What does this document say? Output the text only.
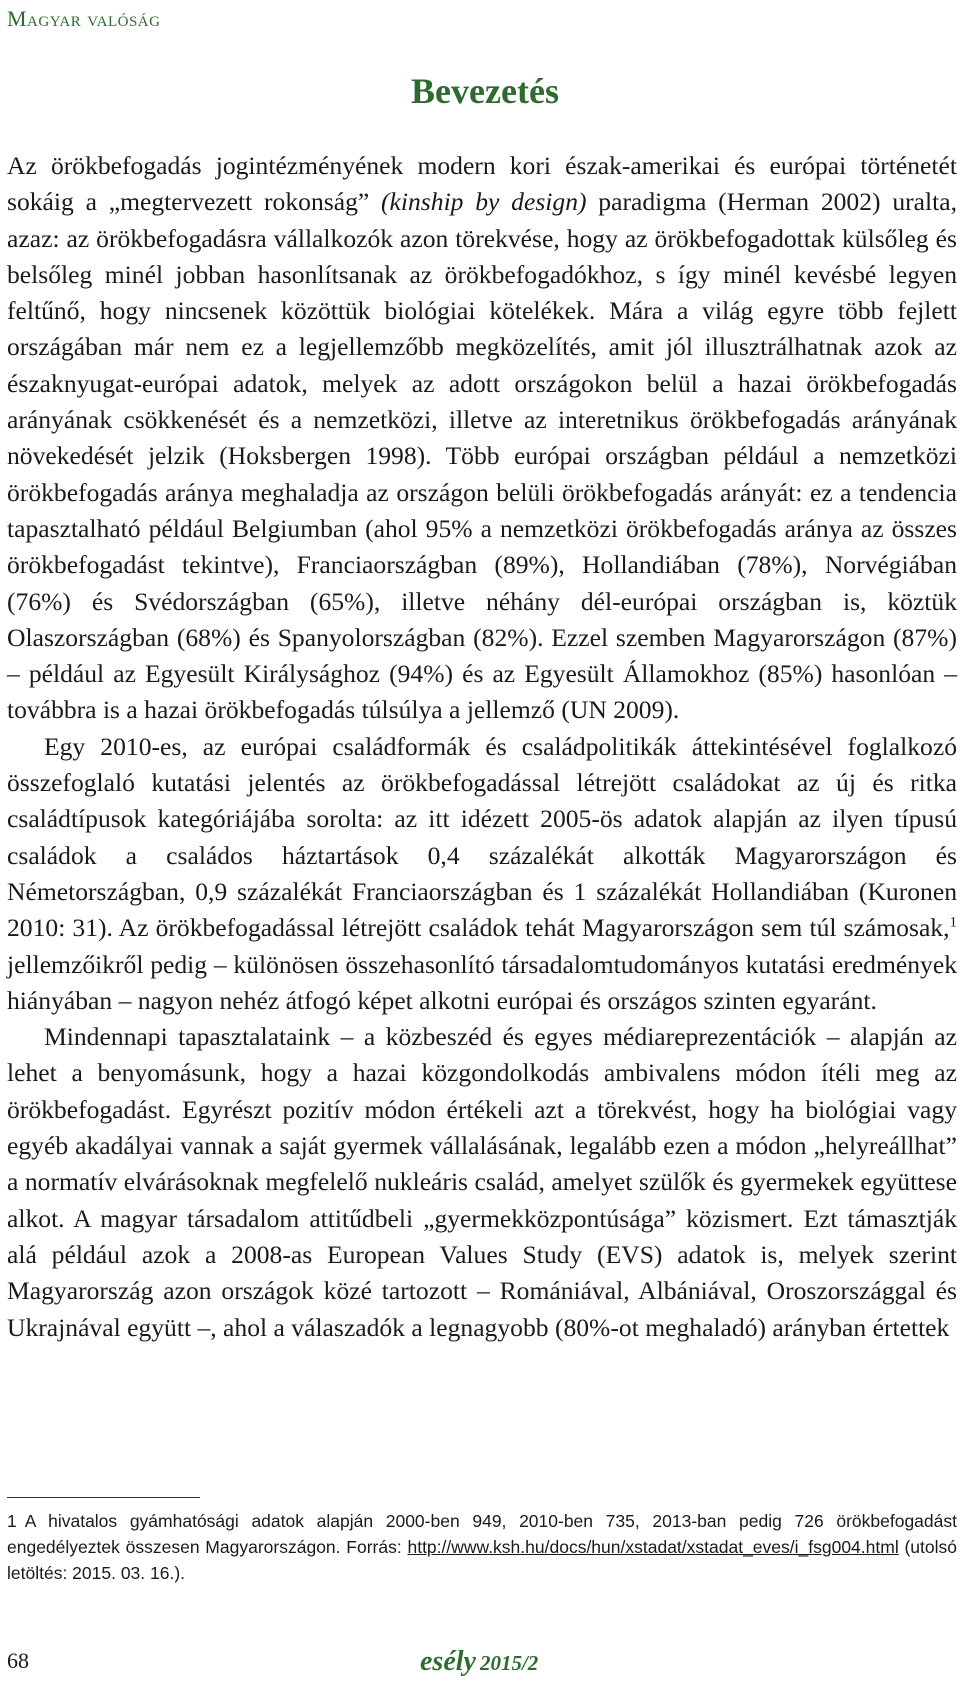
Magyar valóság
Bevezetés

Az örökbefogadás jogintézményének modern kori észak-amerikai és európai történetét sokáig a „megtervezett rokonság” (kinship by design) paradigma (Herman 2002) uralta, azaz: az örökbefogadásra vállalkozók azon törekvése, hogy az örökbefogadottak külsőleg és belsőleg minél jobban hasonlítsanak az örökbefogadókhoz, s így minél kevésbé legyen feltűnő, hogy nincsenek közöttük biológiai kötelékek. Mára a világ egyre több fejlett országában már nem ez a legjellemzőbb megközelítés, amit jól illusztrálhatnak azok az északnyugat-európai adatok, melyek az adott országokon belül a hazai örökbefogadás arányának csökkenését és a nemzetközi, illetve az interetnikus örökbefogadás arányának növekedését jelzik (Hoksbergen 1998). Több európai országban például a nemzetközi örökbefogadás aránya meghaladja az országon belüli örökbefogadás arányát: ez a tendencia tapasztalható például Belgiumban (ahol 95% a nemzetközi örökbefogadás aránya az összes örökbefogadást tekintve), Franciaországban (89%), Hollandiában (78%), Norvégiában (76%) és Svédországban (65%), illetve néhány dél-európai országban is, köztük Olaszországban (68%) és Spanyolországban (82%). Ezzel szemben Magyarországon (87%) – például az Egyesült Királysághoz (94%) és az Egyesült Államokhoz (85%) hasonlóan – továbbra is a hazai örökbefogadás túlsúlya a jellemző (UN 2009).

Egy 2010-es, az európai családformák és családpolitikák áttekintésével foglalkozó összefoglaló kutatási jelentés az örökbefogadással létrejött családokat az új és ritka családtípusok kategóriájába sorolta: az itt idézett 2005-ös adatok alapján az ilyen típusú családok a családos háztartások 0,4 százalékát alkották Magyarországon és Németországban, 0,9 százalékát Franciaországban és 1 százalékát Hollandiában (Kuronen 2010: 31). Az örökbefogadással létrejött családok tehát Magyarországon sem túl számosak,$^1$ jellemzőikről pedig – különösen összehasonlító társadalomtudományos kutatási eredmények hiányában – nagyon nehéz átfogó képet alkotni európai és országos szinten egyaránt.

Mindennapi tapasztalataink – a közbeszéd és egyes médiareprezentációk – alapján az lehet a benyomásunk, hogy a hazai közgondolkodás ambivalens módon ítéli meg az örökbefogadást. Egyrészt pozitív módon értékeli azt a törekvést, hogy ha biológiai vagy egyéb akadályai vannak a saját gyermek vállalásának, legalább ezen a módon „helyreállhat” a normatív elvárásoknak megfelelő nukleáris család, amelyet szülők és gyermekek együttese alkot. A magyar társadalom attitűdbeli „gyermekközpontúsága” közismert. Ezt támasztják alá például azok a 2008-as European Values Study (EVS) adatok is, melyek szerint Magyarország azon országok közé tartozott – Romániával, Albániával, Oroszországgal és Ukrajnával együtt –, ahol a válaszadók a legnagyobb (80%-ot meghaladó) arányban értettek

1 A hivatalos gyámhatósági adatok alapján 2000-ben 949, 2010-ben 735, 2013-ban pedig 726 örökbefogadást engedélyeztek összesen Magyarországon. Forrás: http://www.ksh.hu/docs/hun/xstadat/xstadat_eves/i_fsg004.html (utolsó letöltés: 2015. 03. 16.).
68	esély 2015/2
